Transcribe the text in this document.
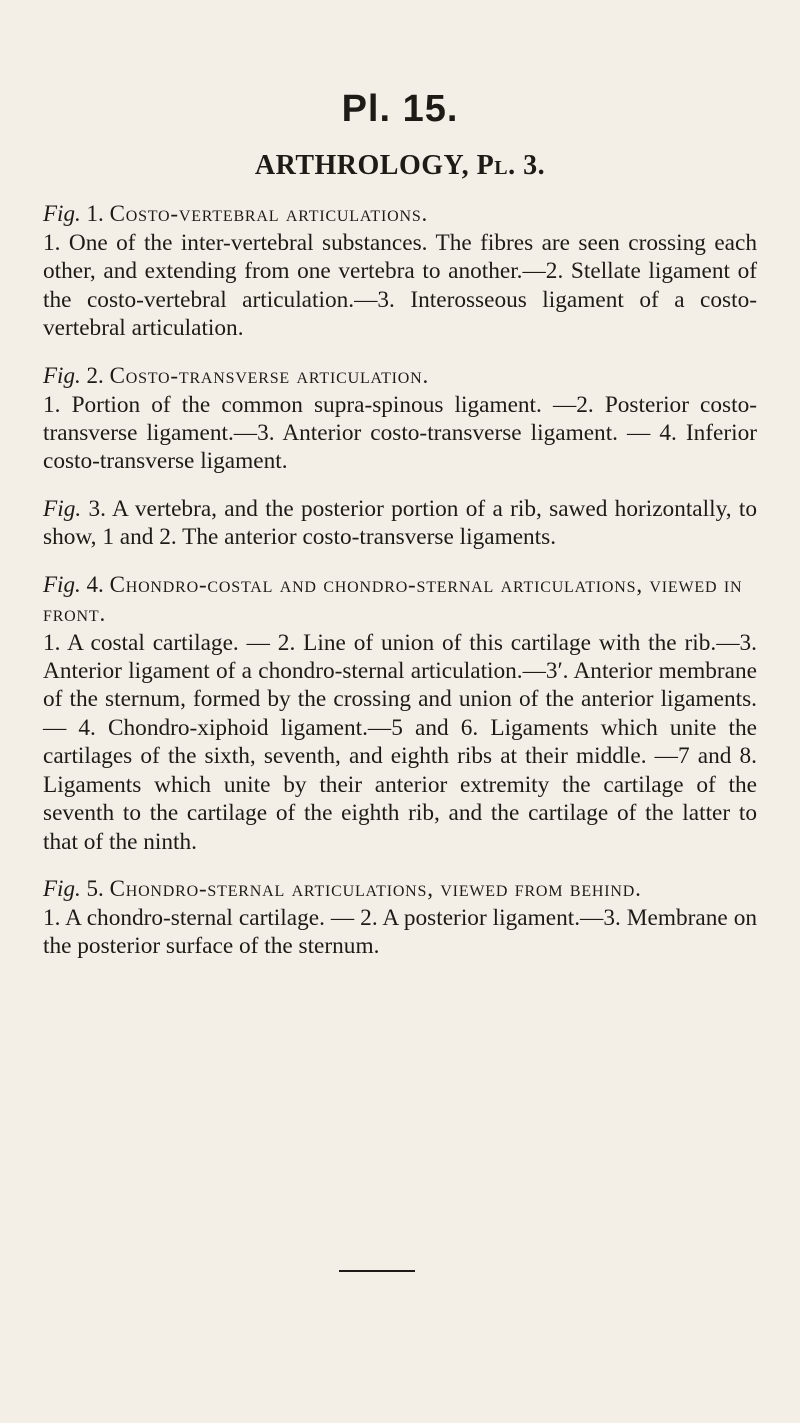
Pl. 15.
ARTHROLOGY, Pl. 3.

Fig. 1. Costo-vertebral articulations.

1. One of the inter-vertebral substances. The fibres are seen crossing each other, and extending from one vertebra to another.—2. Stellate ligament of the costo-vertebral articulation.—3. Interosseous ligament of a costo-vertebral articulation.

Fig. 2. Costo-transverse articulation.

1. Portion of the common supra-spinous ligament. —2. Posterior costo-transverse ligament.—3. Anterior costo-transverse ligament. — 4. Inferior costo-transverse ligament.

Fig. 3. A vertebra, and the posterior portion of a rib, sawed horizontally, to show, 1 and 2. The anterior costo-transverse ligaments.

Fig. 4. Chondro-costal and chondro-sternal articulations, viewed in front.

1. A costal cartilage. — 2. Line of union of this cartilage with the rib.—3. Anterior ligament of a chondro-sternal articulation.—3′. Anterior membrane of the sternum, formed by the crossing and union of the anterior ligaments. — 4. Chondro-xiphoid ligament.—5 and 6. Ligaments which unite the cartilages of the sixth, seventh, and eighth ribs at their middle. —7 and 8. Ligaments which unite by their anterior extremity the cartilage of the seventh to the cartilage of the eighth rib, and the cartilage of the latter to that of the ninth.

Fig. 5. Chondro-sternal articulations, viewed from behind.

1. A chondro-sternal cartilage. — 2. A posterior ligament.—3. Membrane on the posterior surface of the sternum.
